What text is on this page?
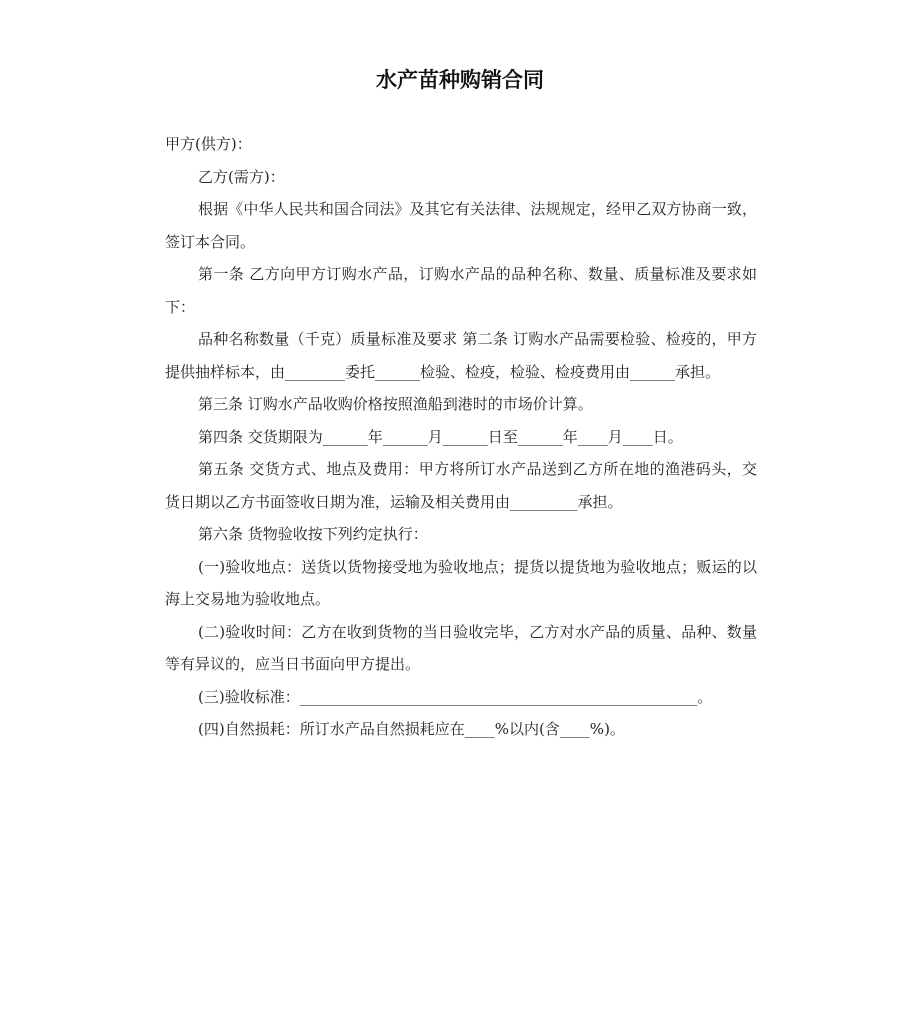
水产苗种购销合同

甲方(供方)：

乙方(需方)：

根据《中华人民共和国合同法》及其它有关法律、法规规定，经甲乙双方协商一致，签订本合同。

第一条 乙方向甲方订购水产品，订购水产品的品种名称、数量、质量标准及要求如下：

品种名称数量（千克）质量标准及要求 第二条 订购水产品需要检验、检疫的，甲方提供抽样标本，由________委托______检验、检疫，检验、检疫费用由______承担。

第三条 订购水产品收购价格按照渔船到港时的市场价计算。

第四条 交货期限为______年______月______日至______年____月____日。

第五条 交货方式、地点及费用：甲方将所订水产品送到乙方所在地的渔港码头，交货日期以乙方书面签收日期为准，运输及相关费用由_________承担。

第六条 货物验收按下列约定执行：

(一)验收地点：送货以货物接受地为验收地点；提货以提货地为验收地点；贩运的以海上交易地为验收地点。

(二)验收时间：乙方在收到货物的当日验收完毕，乙方对水产品的质量、品种、数量等有异议的，应当日书面向甲方提出。

(三)验收标准：_____________________________________________________。

(四)自然损耗：所订水产品自然损耗应在____%以内(含____%)。
